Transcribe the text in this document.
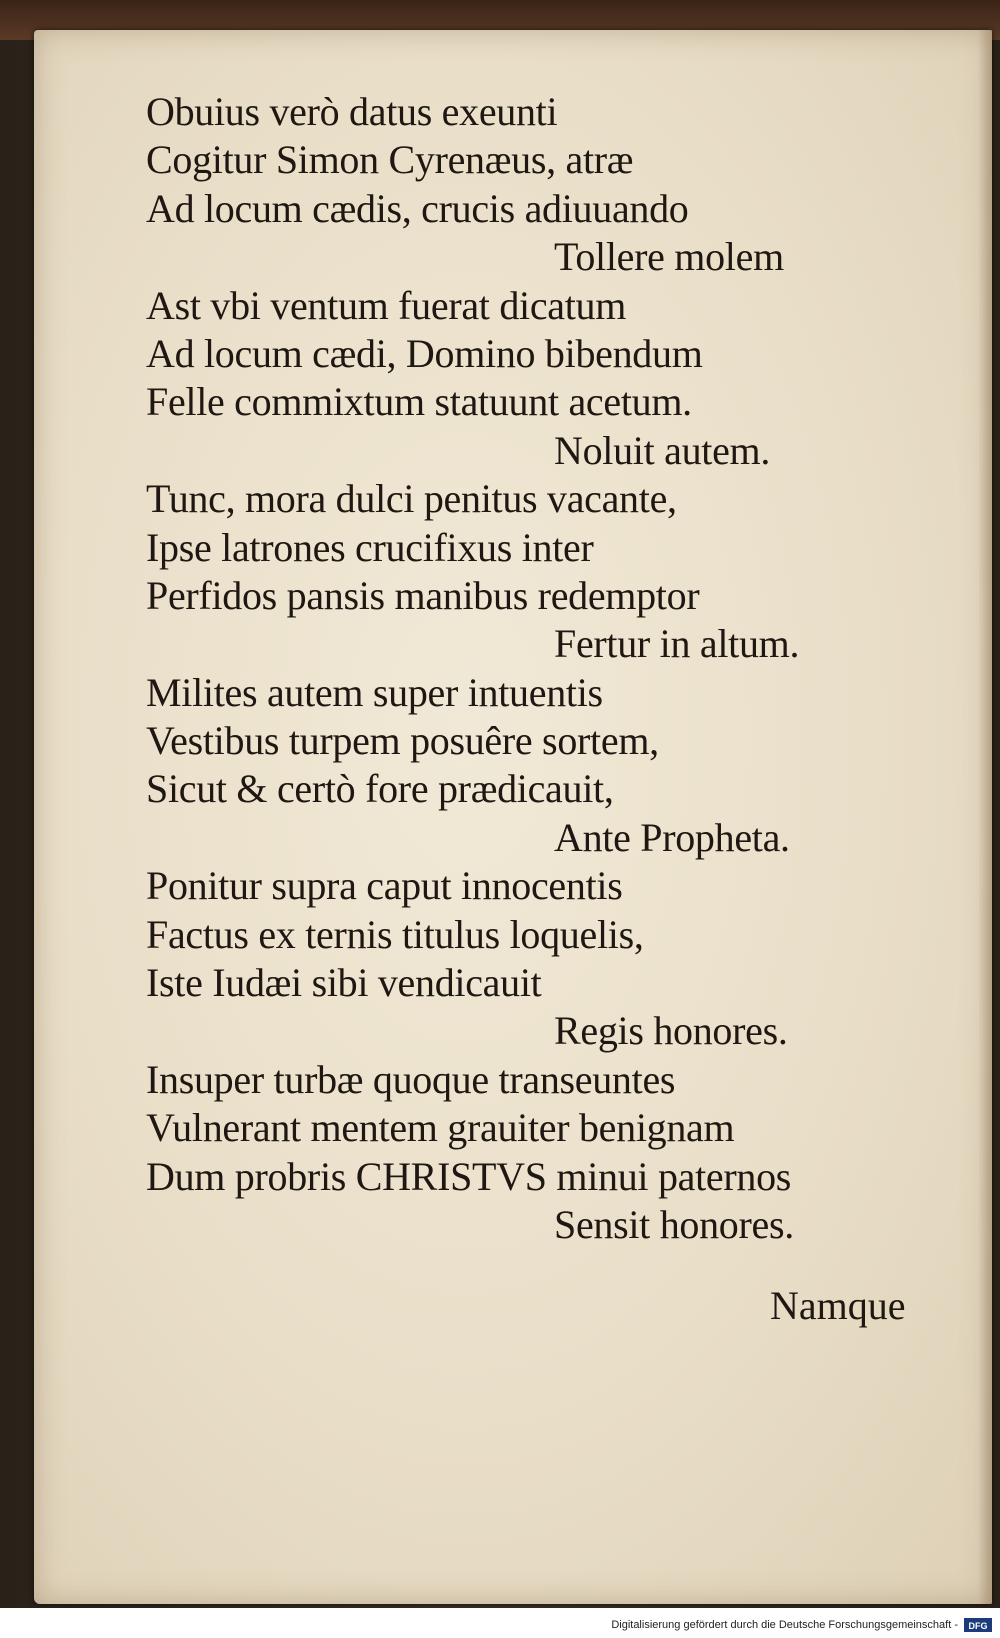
Obuius verò datus exeunti
Cogitur Simon Cyrenæus, atræ
Ad locum cædis, crucis adiuuando
Tollere molem
Ast vbi ventum fuerat dicatum
Ad locum cædi, Domino bibendum
Felle commixtum statuunt acetum.
Noluit autem.
Tunc, mora dulci penitus vacante,
Ipse latrones crucifixus inter
Perfidos pansis manibus redemptor
Fertur in altum.
Milites autem super intuentis
Vestibus turpem posuêre sortem,
Sicut & certò fore prædicauit,
Ante Propheta.
Ponitur supra caput innocentis
Factus ex ternis titulus loquelis,
Iste Iudæi sibi vendicauit
Regis honores.
Insuper turbæ quoque transeuntes
Vulnerant mentem grauiter benignam
Dum probris CHRISTVS minui paternos
Sensit honores.
Namque
Digitalisierung gefördert durch die Deutsche Forschungsgemeinschaft -	DFG
